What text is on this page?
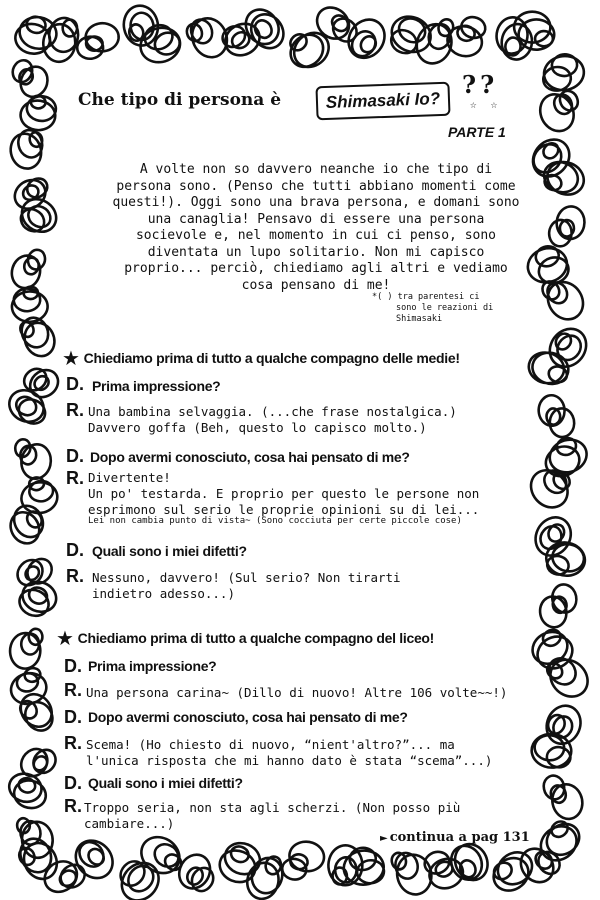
Che tipo di persona è	Shimasaki Io?
??
☆☆
PARTE 1
A volte non so davvero neanche io che tipo di persona sono. (Penso che tutti abbiano momenti come questi!). Oggi sono una brava persona, e domani sono una canaglia! Pensavo di essere una persona socievole e, nel momento in cui ci penso, sono diventata un lupo solitario. Non mi capisco proprio... perciò, chiediamo agli altri e vediamo cosa pensano di me!
*( ) tra parentesi ci
sono le reazioni di Shimasaki
★ Chiediamo prima di tutto a qualche compagno delle medie!
D. Prima impressione?
R. Una bambina selvaggia. (...che frase nostalgica.)
Davvero goffa (Beh, questo lo capisco molto.)
D. Dopo avermi conosciuto, cosa hai pensato di me?
R. Divertente!
Un po' testarda. E proprio per questo le persone non
esprimono sul serio le proprie opinioni su di lei...
Lei non cambia punto di vista~ (Sono cocciuta per certe piccole cose)
D. Quali sono i miei difetti?
R. Nessuno, davvero! (Sul serio? Non tirarti
indietro adesso...)
★ Chiediamo prima di tutto a qualche compagno del liceo!
D. Prima impressione?
R. Una persona carina~ (Dillo di nuovo! Altre 106 volte~~!)
D. Dopo avermi conosciuto, cosa hai pensato di me?
R. Scema! (Ho chiesto di nuovo, “nient'altro?”... ma
l'unica risposta che mi hanno dato è stata “scema”...)
D. Quali sono i miei difetti?
R. Troppo seria, non sta agli scherzi. (Non posso più
cambiare...)
► continua a pag 131
